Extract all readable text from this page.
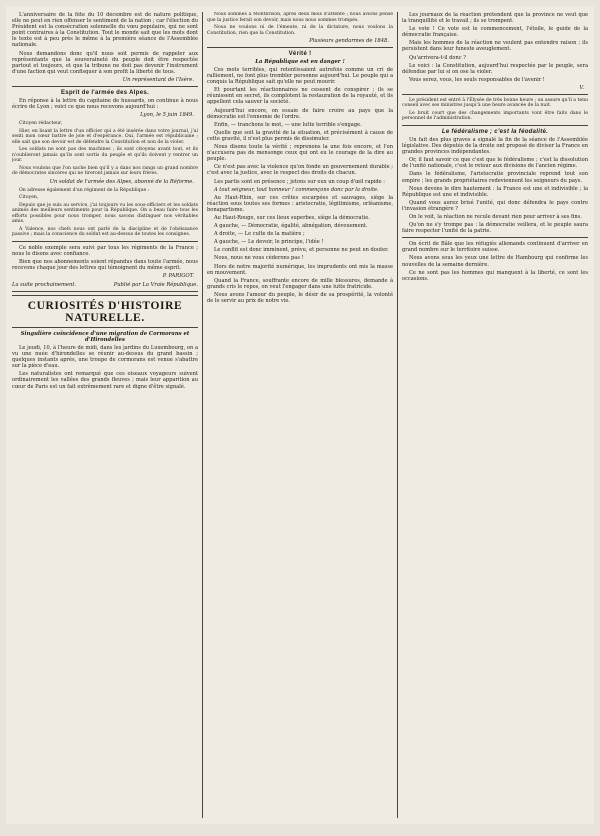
L'anniversaire de la fête du 10 décembre est de nature politique, elle ne peut en rien offenser le sentiment de la nation ; car l'élection du Président est la consécration solennelle du vœu populaire, qui ne sont point contraires à la Constitution. Tout le monde sait que les mots dont le texte est à peu près le même à la première séance de l'Assemblée nationale.

Nous demandons donc qu'il nous soit permis de rappeler aux représentants que la souveraineté du peuple doit être respectée partout et toujours, et que la tribune ne doit pas devenir l'instrument d'une faction qui veut confisquer à son profit la liberté de tous.

Un représentant de l'Isère.
Esprit de l'armée des Alpes.

En réponse à la lettre du capitaine de hussards, on continue à nous écrire de Lyon ; voici ce que nous recevons aujourd'hui :

Lyon, le 5 juin 1849.

Citoyen rédacteur,

Hier, en lisant la lettre d'un officier qui a été insérée dans votre journal, j'ai senti mon cœur battre de joie et d'espérance. Oui, l'armée est républicaine ; elle sait que son devoir est de défendre la Constitution et non de la violer.

Les soldats ne sont pas des machines ; ils sont citoyens avant tout, et ils n'oublieront jamais qu'ils sont sortis du peuple et qu'ils doivent y rentrer un jour.

Nous voulons que l'on sache bien qu'il y a dans nos rangs un grand nombre de démocrates sincères qui ne tireront jamais sur leurs frères.

Un soldat de l'armée des Alpes, abonné de la Réforme.

On adresse également d'un régiment de la République :

Citoyen,

Depuis que je suis au service, j'ai toujours vu les sous-officiers et les soldats animés des meilleurs sentiments pour la République. On a beau faire tous les efforts possibles pour nous tromper, nous savons distinguer nos véritables amis.

A Valence, nos chefs nous ont parlé de la discipline et de l'obéissance passive ; mais la conscience du soldat est au-dessus de toutes les consignes.

Ce noble exemple sera suivi par tous les régiments de la France ; nous le disons avec confiance.

Bien que nos abonnements soient répandus dans toute l'armée, nous recevons chaque jour des lettres qui témoignent du même esprit.

P. PARIGOT.
La suite prochainement.	Publié par La Vraie République.
CURIOSITÉS D'HISTOIRE NATURELLE.
Singulière coïncidence d'une migration de Cormorans et d'Hirondelles

Le jeudi, 10, à l'heure de midi, dans les jardins du Luxembourg, on a vu une nuée d'hirondelles se réunir au-dessus du grand bassin ; quelques instants après, une troupe de cormorans est venue s'abattre sur la pièce d'eau.

Les naturalistes ont remarqué que ces oiseaux voyageurs suivent ordinairement les vallées des grands fleuves ; mais leur apparition au cœur de Paris est un fait extrêmement rare et digne d'être signalé.

Nous sommes à Montbrison, après deux mois d'attente ; nous avions pensé que la justice ferait son devoir, mais nous nous sommes trompés.

Nous ne voulons ni de l'émeute, ni de la dictature, nous voulons la Constitution, rien que la Constitution.

Plusieurs gendarmes de 1848.
Vérité !
La République est en danger !

Ces mots terribles, qui retentissaient autrefois comme un cri de ralliement, ne font plus trembler personne aujourd'hui. Le peuple qui a conquis la République sait qu'elle ne peut mourir.

Et pourtant les réactionnaires ne cessent de conspirer ; ils se réunissent en secret, ils complotent la restauration de la royauté, et ils appellent cela sauver la société.

Aujourd'hui encore, on essaie de faire croire au pays que la démocratie est l'ennemie de l'ordre.

Enfin, — tranchons le mot, — une lutte terrible s'engage.

Quelle que soit la gravité de la situation, et précisément à cause de cette gravité, il n'est plus permis de dissimuler.

Nous disons toute la vérité ; reprenons la une fois encore, et l'on n'accusera pas de mensonge ceux qui ont eu le courage de la dire au peuple.

Ce n'est pas avec la violence qu'on fonde un gouvernement durable ; c'est avec la justice, avec le respect des droits de chacun.

Les partis sont en présence ; jetons sur eux un coup d'œil rapide :

A tout seigneur, tout honneur ! commençons donc par la droite.

Au Haut-Rhin, sur ces crêtes escarpées et sauvages, siège la réaction sous toutes ses formes : aristocratie, légitimisme, orléanisme, bonapartisme.

Au Haut-Rouge, sur ces lieux superbes, siège la démocratie.

A gauche, — Démocratie, égalité, abnégation, dévouement.

A droite, — Le culte de la matière ;

A gauche, — Le devoir, le principe, l'idée !

Le conflit est donc imminent, prévu, et personne ne peut en douter.

Nous, nous ne vous cèderons pas !

Hors de notre majorité numérique, les imprudents ont mis la masse en mouvement.

Quand la France, souffrante encore de mille blessures, demande à grands cris le repos, on veut l'engager dans une lutte fratricide.

Nous avons l'amour du peuple, le désir de sa prospérité, la volonté de le servir au prix de notre vie.

Les journaux de la réaction prétendent que la province ne veut que la tranquillité et le travail ; ils se trompent.

Le vote ! Ce vote est le commencement, l'étoile, le guide de la démocratie française.

Mais les hommes de la réaction ne veulent pas entendre raison ; ils persistent dans leur funeste aveuglement.

Qu'arrivera-t-il donc ?

Le voici : la Constitution, aujourd'hui respectée par le peuple, sera défendue par lui si on ose la violer.

Vous serez, vous, les seuls responsables de l'avenir !

V.

Le président est entré à l'Élysée de très bonne heure ; on assure qu'il a tenu conseil avec ses ministres jusqu'à une heure avancée de la nuit.

Le bruit court que des changements importants vont être faits dans le personnel de l'administration.

Le fédéralisme ; c'est la féodalité.

Un fait des plus graves a signalé la fin de la séance de l'Assemblée législative. Des députés de la droite ont proposé de diviser la France en grandes provinces indépendantes.

Or, il faut savoir ce que c'est que le fédéralisme ; c'est la dissolution de l'unité nationale, c'est le retour aux divisions de l'ancien régime.

Dans le fédéralisme, l'aristocratie provinciale reprend tout son empire ; les grands propriétaires redeviennent les seigneurs du pays.

Nous devons le dire hautement : la France est une et indivisible ; la République est une et indivisible.

Quand vous aurez brisé l'unité, qui donc défendra le pays contre l'invasion étrangère ?

On le voit, la réaction ne recule devant rien pour arriver à ses fins.

Qu'on ne s'y trompe pas : la démocratie veillera, et le peuple saura faire respecter l'unité de la patrie.

On écrit de Bâle que les réfugiés allemands continuent d'arriver en grand nombre sur le territoire suisse.

Nous avons sous les yeux une lettre de Hambourg qui confirme les nouvelles de la semaine dernière.

Ce ne sont pas les hommes qui manquent à la liberté, ce sont les occasions.
